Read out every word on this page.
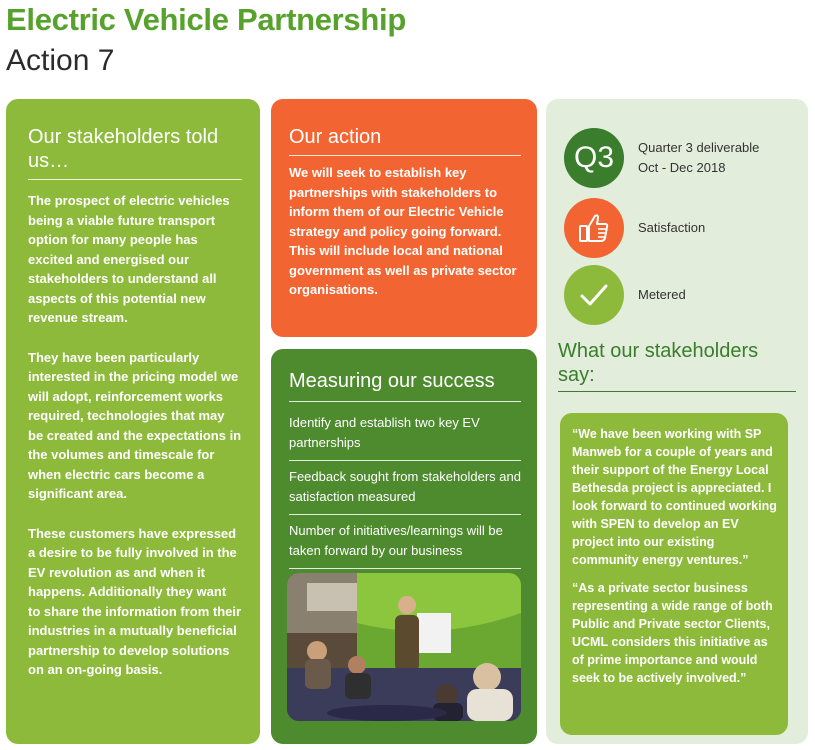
Electric Vehicle Partnership
Action 7
Our stakeholders told us…

The prospect of electric vehicles being a viable future transport option for many people has excited and energised our stakeholders to understand all aspects of this potential new revenue stream.

They have been particularly interested in the pricing model we will adopt, reinforcement works required, technologies that may be created and the expectations in the volumes and timescale for when electric cars become a significant area.

These customers have expressed a desire to be fully involved in the EV revolution as and when it happens. Additionally they want to share the information from their industries in a mutually beneficial partnership to develop solutions on an on-going basis.

Our action
We will seek to establish key partnerships with stakeholders to inform them of our Electric Vehicle strategy and policy going forward. This will include local and national government as well as private sector organisations.
Measuring our success
Identify and establish two key EV partnerships
Feedback sought from stakeholders and satisfaction measured
Number of initiatives/learnings will be taken forward by our business
Q3	Quarter 3 deliverable
Oct - Dec 2018
Satisfaction
Metered
What our stakeholders say:

“We have been working with SP Manweb for a couple of years and their support of the Energy Local Bethesda project is appreciated. I look forward to continued working with SPEN to develop an EV project into our existing community energy ventures.”

“As a private sector business representing a wide range of both Public and Private sector Clients, UCML considers this initiative as of prime importance and would seek to be actively involved.”
